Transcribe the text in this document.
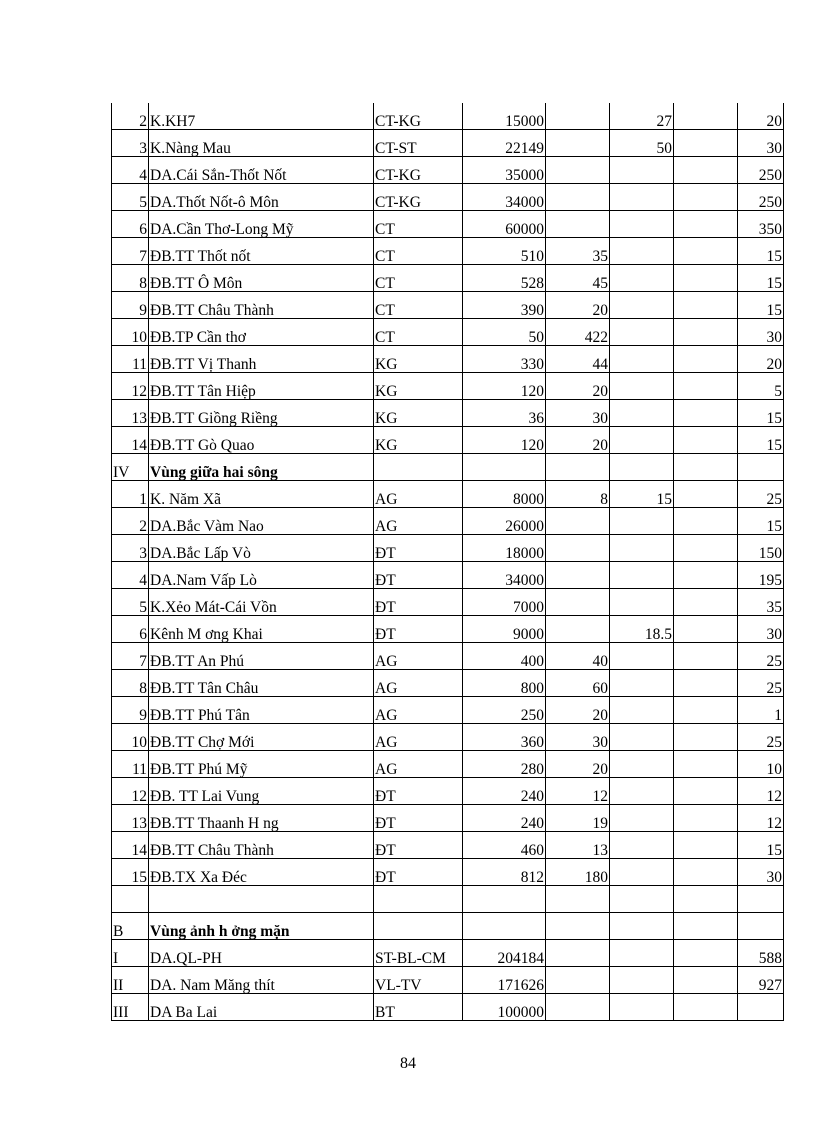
2	K.KH7	CT-KG	15000		27		20
3	K.Nàng Mau	CT-ST	22149		50		30
4	DA.Cái Sắn-Thốt Nốt	CT-KG	35000				250
5	DA.Thốt Nốt-ô Môn	CT-KG	34000				250
6	DA.Cần Thơ-Long Mỹ	CT	60000				350
7	ĐB.TT Thốt nốt	CT	510	35			15
8	ĐB.TT Ô Môn	CT	528	45			15
9	ĐB.TT Châu Thành	CT	390	20			15
10	ĐB.TP Cần thơ	CT	50	422			30
11	ĐB.TT Vị Thanh	KG	330	44			20
12	ĐB.TT Tân Hiệp	KG	120	20			5
13	ĐB.TT Giồng Riềng	KG	36	30			15
14	ĐB.TT Gò Quao	KG	120	20			15
IV	Vùng giữa hai sông						
1	K. Năm Xã	AG	8000	8	15		25
2	DA.Bắc Vàm Nao	AG	26000				15
3	DA.Bắc Lấp Vò	ĐT	18000				150
4	DA.Nam Vấp Lò	ĐT	34000				195
5	K.Xẻo Mát-Cái Vồn	ĐT	7000				35
6	Kênh M ơng Khai	ĐT	9000		18.5		30
7	ĐB.TT An Phú	AG	400	40			25
8	ĐB.TT Tân Châu	AG	800	60			25
9	ĐB.TT Phú Tân	AG	250	20			1
10	ĐB.TT Chợ Mới	AG	360	30			25
11	ĐB.TT Phú Mỹ	AG	280	20			10
12	ĐB. TT Lai Vung	ĐT	240	12			12
13	ĐB.TT Thaanh H ng	ĐT	240	19			12
14	ĐB.TT Châu Thành	ĐT	460	13			15
15	ĐB.TX Xa Đéc	ĐT	812	180			30

B	Vùng ảnh h ởng mặn						
I	DA.QL-PH	ST-BL-CM	204184				588
II	DA. Nam Măng thít	VL-TV	171626				927
III	DA Ba Lai	BT	100000				
84
